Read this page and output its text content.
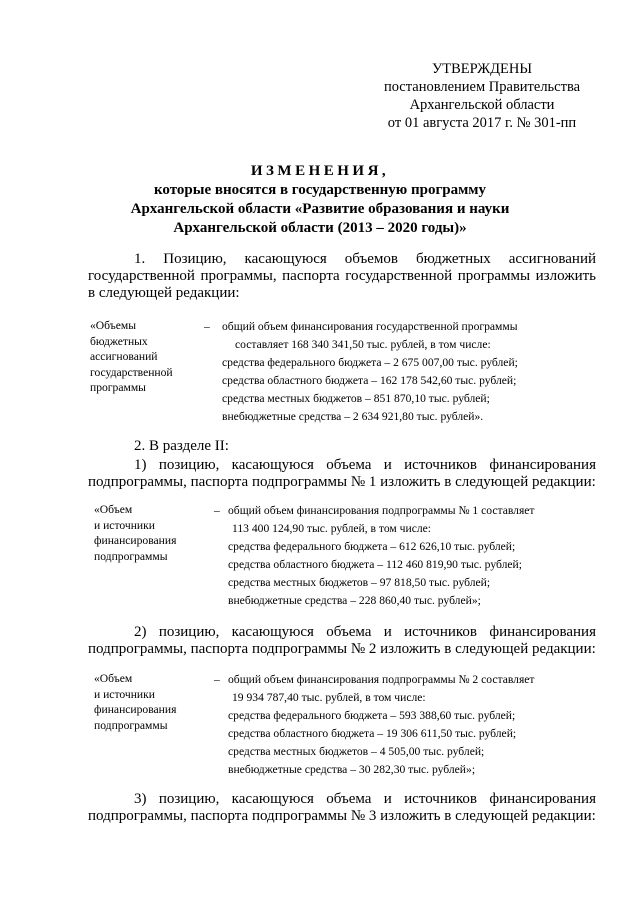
УТВЕРЖДЕНЫ
постановлением Правительства
Архангельской области
от 01 августа 2017 г. № 301-пп
ИЗМЕНЕНИЯ,
которые вносятся в государственную программу
Архангельской области «Развитие образования и науки
Архангельской области (2013 – 2020 годы)»
1. Позицию, касающуюся объемов бюджетных ассигнований государственной программы, паспорта государственной программы изложить в следующей редакции:
«Объемы
бюджетных
ассигнований
государственной
программы
– общий объем финансирования государственной программы
составляет 168 340 341,50 тыс. рублей, в том числе:
средства федерального бюджета – 2 675 007,00 тыс. рублей;
средства областного бюджета – 162 178 542,60 тыс. рублей;
средства местных бюджетов – 851 870,10 тыс. рублей;
внебюджетные средства – 2 634 921,80 тыс. рублей».
2. В разделе II:
1) позицию, касающуюся объема и источников финансирования подпрограммы, паспорта подпрограммы № 1 изложить в следующей редакции:
«Объем
и источники
финансирования
подпрограммы
– общий объем финансирования подпрограммы № 1 составляет
113 400 124,90 тыс. рублей, в том числе:
средства федерального бюджета – 612 626,10 тыс. рублей;
средства областного бюджета – 112 460 819,90 тыс. рублей;
средства местных бюджетов – 97 818,50 тыс. рублей;
внебюджетные средства – 228 860,40 тыс. рублей»;
2) позицию, касающуюся объема и источников финансирования подпрограммы, паспорта подпрограммы № 2 изложить в следующей редакции:
«Объем
и источники
финансирования
подпрограммы
– общий объем финансирования подпрограммы № 2 составляет
19 934 787,40 тыс. рублей, в том числе:
средства федерального бюджета – 593 388,60 тыс. рублей;
средства областного бюджета – 19 306 611,50 тыс. рублей;
средства местных бюджетов – 4 505,00 тыс. рублей;
внебюджетные средства – 30 282,30 тыс. рублей»;
3) позицию, касающуюся объема и источников финансирования подпрограммы, паспорта подпрограммы № 3 изложить в следующей редакции:
